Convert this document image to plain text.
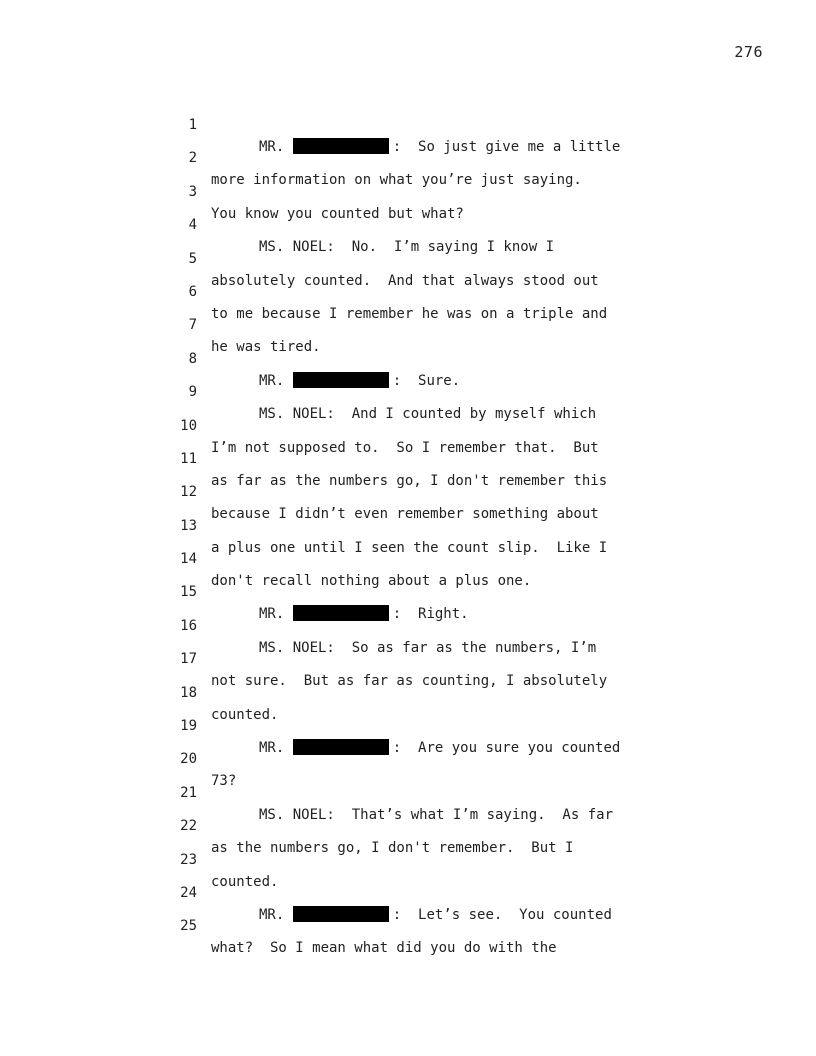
276

1

MR.	:  So just give me a little

2

more information on what you’re just saying.

3

You know you counted but what?

4

MS. NOEL:  No.  I’m saying I know I

5

absolutely counted.  And that always stood out

6

to me because I remember he was on a triple and

7

he was tired.

8

MR.	:  Sure.

9

MS. NOEL:  And I counted by myself which

10

I’m not supposed to.  So I remember that.  But

11

as far as the numbers go, I don't remember this

12

because I didn’t even remember something about

13

a plus one until I seen the count slip.  Like I

14

don't recall nothing about a plus one.

15

MR.	:  Right.

16

MS. NOEL:  So as far as the numbers, I’m

17

not sure.  But as far as counting, I absolutely

18

counted.

19

MR.	:  Are you sure you counted

20

73?

21

MS. NOEL:  That’s what I’m saying.  As far

22

as the numbers go, I don't remember.  But I

23

counted.

24

MR.	:  Let’s see.  You counted

25

what?  So I mean what did you do with the
